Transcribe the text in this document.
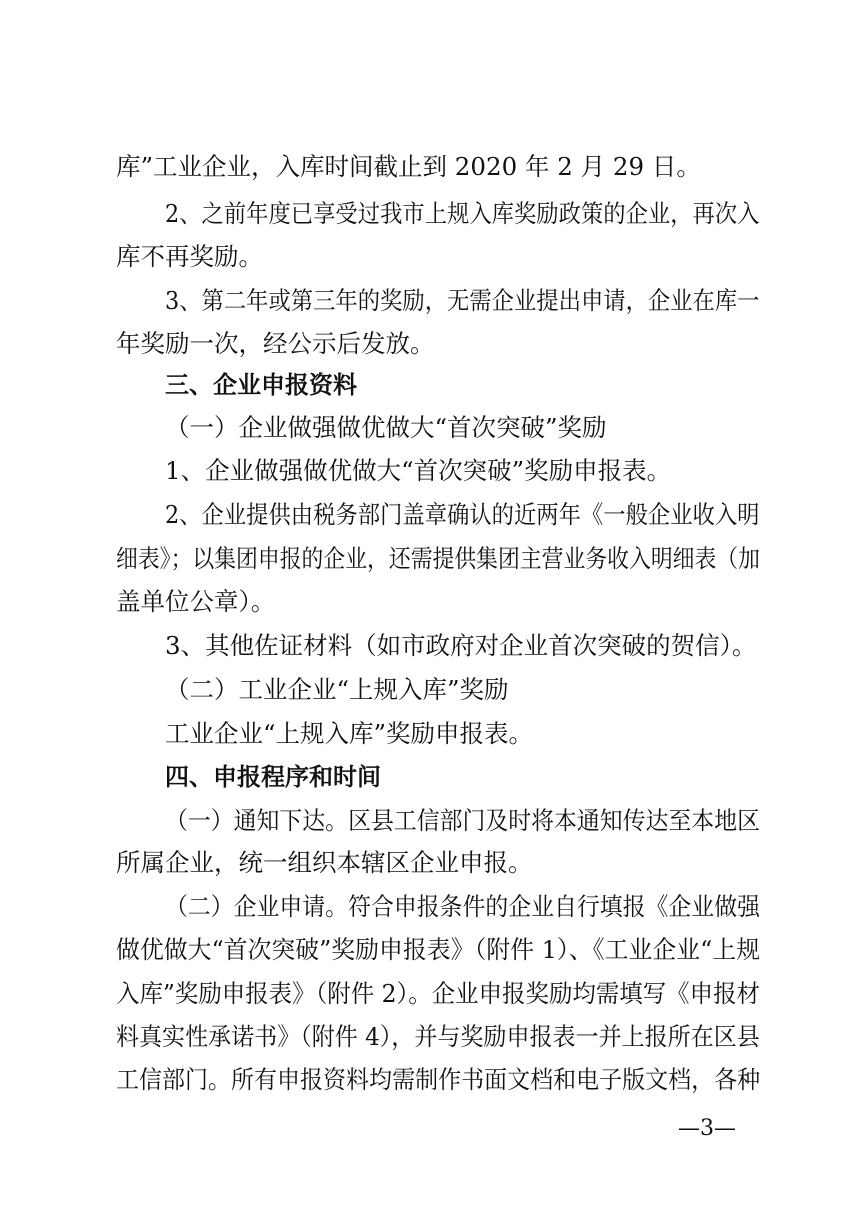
库”工业企业，入库时间截止到 2020 年 2 月 29 日。
2、之前年度已享受过我市上规入库奖励政策的企业，再次入
库不再奖励。
3、第二年或第三年的奖励，无需企业提出申请，企业在库一
年奖励一次，经公示后发放。
三、企业申报资料
（一）企业做强做优做大“首次突破”奖励
1、企业做强做优做大“首次突破”奖励申报表。
2、企业提供由税务部门盖章确认的近两年《一般企业收入明
细表》；以集团申报的企业，还需提供集团主营业务收入明细表（加
盖单位公章）。
3、其他佐证材料（如市政府对企业首次突破的贺信）。
（二）工业企业“上规入库”奖励
工业企业“上规入库”奖励申报表。
四、申报程序和时间
（一）通知下达。区县工信部门及时将本通知传达至本地区
所属企业，统一组织本辖区企业申报。
（二）企业申请。符合申报条件的企业自行填报《企业做强
做优做大“首次突破”奖励申报表》（附件 1）、《工业企业“上规
入库”奖励申报表》（附件 2）。企业申报奖励均需填写《申报材
料真实性承诺书》（附件 4），并与奖励申报表一并上报所在区县
工信部门。所有申报资料均需制作书面文档和电子版文档，各种
—3—
